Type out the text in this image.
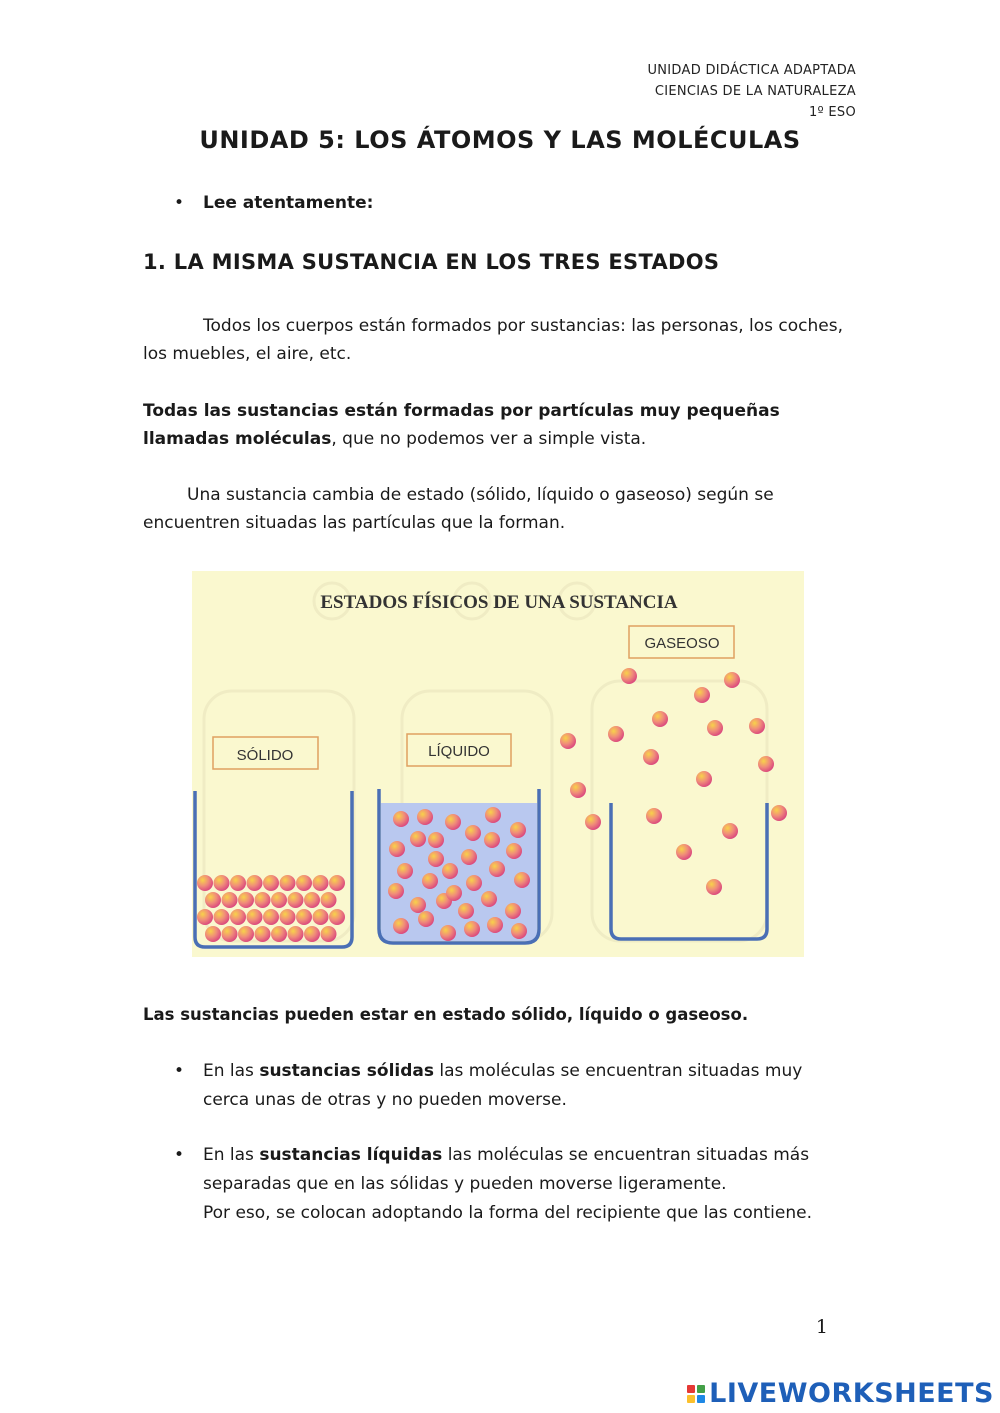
UNIDAD DIDÁCTICA ADAPTADA
CIENCIAS DE LA NATURALEZA
1º ESO
UNIDAD 5: LOS ÁTOMOS Y LAS MOLÉCULAS
• Lee atentamente:
1. LA MISMA SUSTANCIA EN LOS TRES ESTADOS

Todos los cuerpos están formados por sustancias: las personas, los coches, los muebles, el aire, etc.

Todas las sustancias están formadas por partículas muy pequeñas llamadas moléculas, que no podemos ver a simple vista.

Una sustancia cambia de estado (sólido, líquido o gaseoso) según se encuentren situadas las partículas que la forman.

ESTADOS FÍSICOS DE UNA SUSTANCIA
SÓLIDO	LÍQUIDO
GASEOSO

Las sustancias pueden estar en estado sólido, líquido o gaseoso.

• En las sustancias sólidas las moléculas se encuentran situadas muy cerca unas de otras y no pueden moverse.
• En las sustancias líquidas las moléculas se encuentran situadas más separadas que en las sólidas y pueden moverse ligeramente.
Por eso, se colocan adoptando la forma del recipiente que las contiene.
1
LIVEWORKSHEETS
